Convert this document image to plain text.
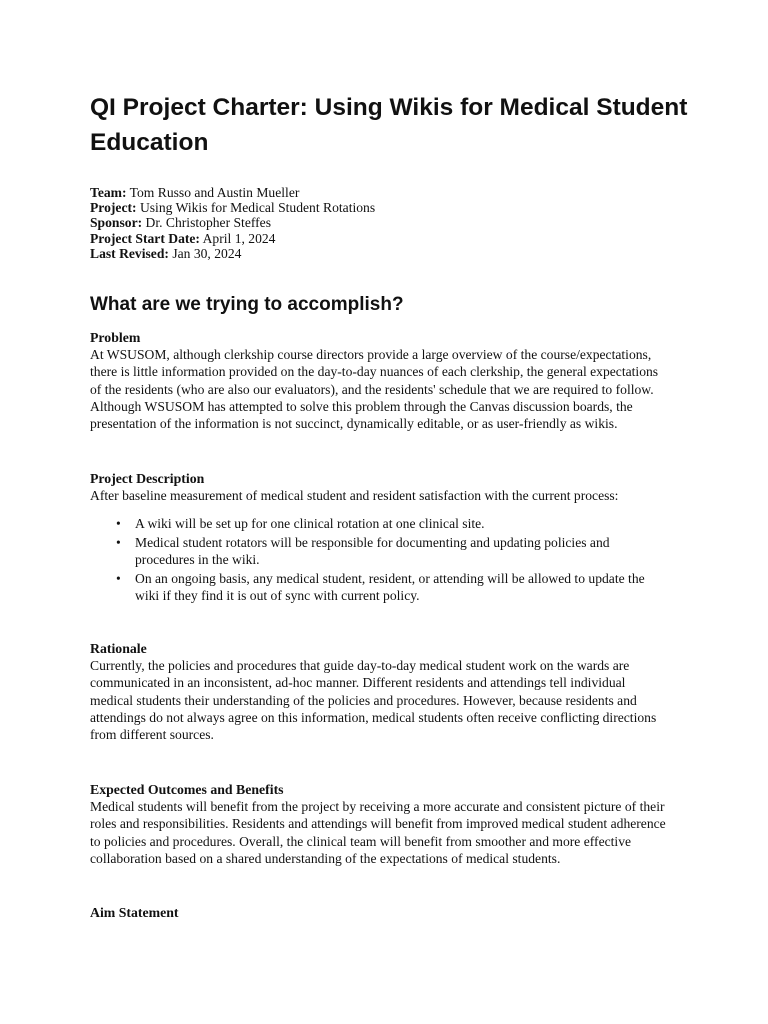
QI Project Charter: Using Wikis for Medical Student Education
Team: Tom Russo and Austin Mueller
Project: Using Wikis for Medical Student Rotations
Sponsor: Dr. Christopher Steffes
Project Start Date: April 1, 2024
Last Revised: Jan 30, 2024
What are we trying to accomplish?
Problem

At WSUSOM, although clerkship course directors provide a large overview of the course/expectations,

there is little information provided on the day-to-day nuances of each clerkship, the general expectations

of the residents (who are also our evaluators), and the residents' schedule that we are required to follow.

Although WSUSOM has attempted to solve this problem through the Canvas discussion boards, the

presentation of the information is not succinct, dynamically editable, or as user-friendly as wikis.

Project Description

After baseline measurement of medical student and resident satisfaction with the current process:

• A wiki will be set up for one clinical rotation at one clinical site.
• Medical student rotators will be responsible for documenting and updating policies and
procedures in the wiki.
• On an ongoing basis, any medical student, resident, or attending will be allowed to update the
wiki if they find it is out of sync with current policy.
Rationale

Currently, the policies and procedures that guide day-to-day medical student work on the wards are

communicated in an inconsistent, ad-hoc manner. Different residents and attendings tell individual

medical students their understanding of the policies and procedures. However, because residents and

attendings do not always agree on this information, medical students often receive conflicting directions

from different sources.

Expected Outcomes and Benefits

Medical students will benefit from the project by receiving a more accurate and consistent picture of their

roles and responsibilities. Residents and attendings will benefit from improved medical student adherence

to policies and procedures. Overall, the clinical team will benefit from smoother and more effective

collaboration based on a shared understanding of the expectations of medical students.

Aim Statement
